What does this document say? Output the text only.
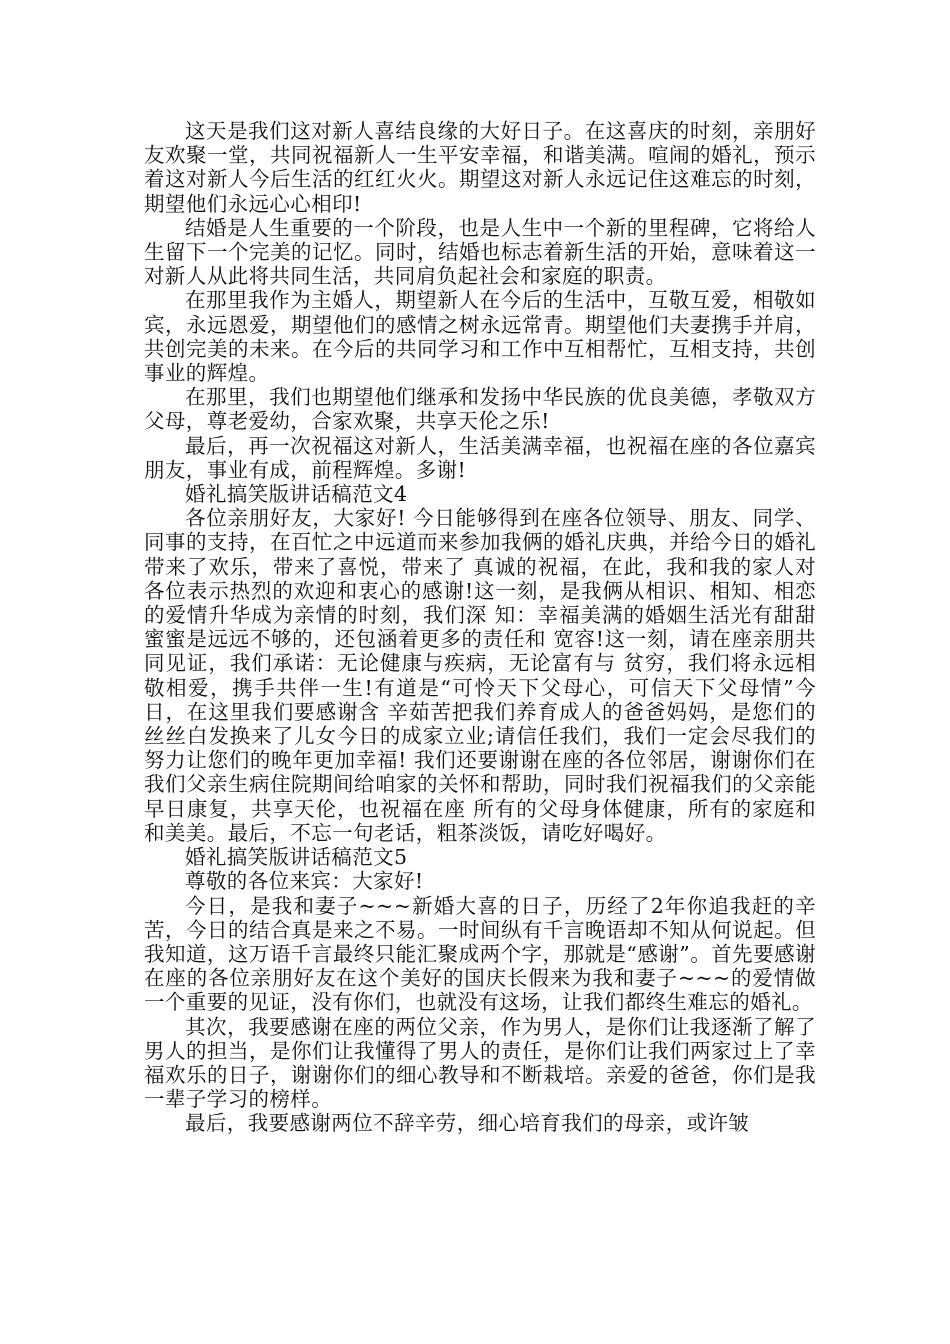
这天是我们这对新人喜结良缘的大好日子。在这喜庆的时刻，亲朋好友欢聚一堂，共同祝福新人一生平安幸福，和谐美满。喧闹的婚礼，预示着这对新人今后生活的红红火火。期望这对新人永远记住这难忘的时刻，期望他们永远心心相印!

结婚是人生重要的一个阶段，也是人生中一个新的里程碑，它将给人生留下一个完美的记忆。同时，结婚也标志着新生活的开始，意味着这一对新人从此将共同生活，共同肩负起社会和家庭的职责。

在那里我作为主婚人，期望新人在今后的生活中，互敬互爱，相敬如宾，永远恩爱，期望他们的感情之树永远常青。期望他们夫妻携手并肩，共创完美的未来。在今后的共同学习和工作中互相帮忙，互相支持，共创事业的辉煌。

在那里，我们也期望他们继承和发扬中华民族的优良美德，孝敬双方父母，尊老爱幼，合家欢聚，共享天伦之乐!

最后，再一次祝福这对新人，生活美满幸福，也祝福在座的各位嘉宾朋友，事业有成，前程辉煌。多谢!

婚礼搞笑版讲话稿范文4

各位亲朋好友，大家好! 今日能够得到在座各位领导、朋友、同学、同事的支持，在百忙之中远道而来参加我俩的婚礼庆典，并给今日的婚礼带来了欢乐，带来了喜悦，带来了 真诚的祝福，在此，我和我的家人对各位表示热烈的欢迎和衷心的感谢!这一刻，是我俩从相识、相知、相恋的爱情升华成为亲情的时刻，我们深 知：幸福美满的婚姻生活光有甜甜蜜蜜是远远不够的，还包涵着更多的责任和 宽容!这一刻，请在座亲朋共同见证，我们承诺：无论健康与疾病，无论富有与 贫穷，我们将永远相敬相爱，携手共伴一生!有道是“可怜天下父母心，可信天下父母情”今日，在这里我们要感谢含 辛茹苦把我们养育成人的爸爸妈妈，是您们的丝丝白发换来了儿女今日的成家立业;请信任我们，我们一定会尽我们的努力让您们的晚年更加幸福! 我们还要谢谢在座的各位邻居，谢谢你们在我们父亲生病住院期间给咱家的关怀和帮助，同时我们祝福我们的父亲能早日康复，共享天伦，也祝福在座 所有的父母身体健康，所有的家庭和和美美。最后，不忘一句老话，粗茶淡饭，请吃好喝好。

婚礼搞笑版讲话稿范文5

尊敬的各位来宾：大家好!

今日，是我和妻子~~~新婚大喜的日子，历经了2年你追我赶的辛苦，今日的结合真是来之不易。一时间纵有千言晚语却不知从何说起。但我知道，这万语千言最终只能汇聚成两个字，那就是“感谢”。首先要感谢在座的各位亲朋好友在这个美好的国庆长假来为我和妻子~~~的爱情做一个重要的见证，没有你们，也就没有这场，让我们都终生难忘的婚礼。

其次，我要感谢在座的两位父亲，作为男人，是你们让我逐渐了解了男人的担当，是你们让我懂得了男人的责任，是你们让我们两家过上了幸福欢乐的日子，谢谢你们的细心教导和不断栽培。亲爱的爸爸，你们是我一辈子学习的榜样。

最后，我要感谢两位不辞辛劳，细心培育我们的母亲，或许皱
